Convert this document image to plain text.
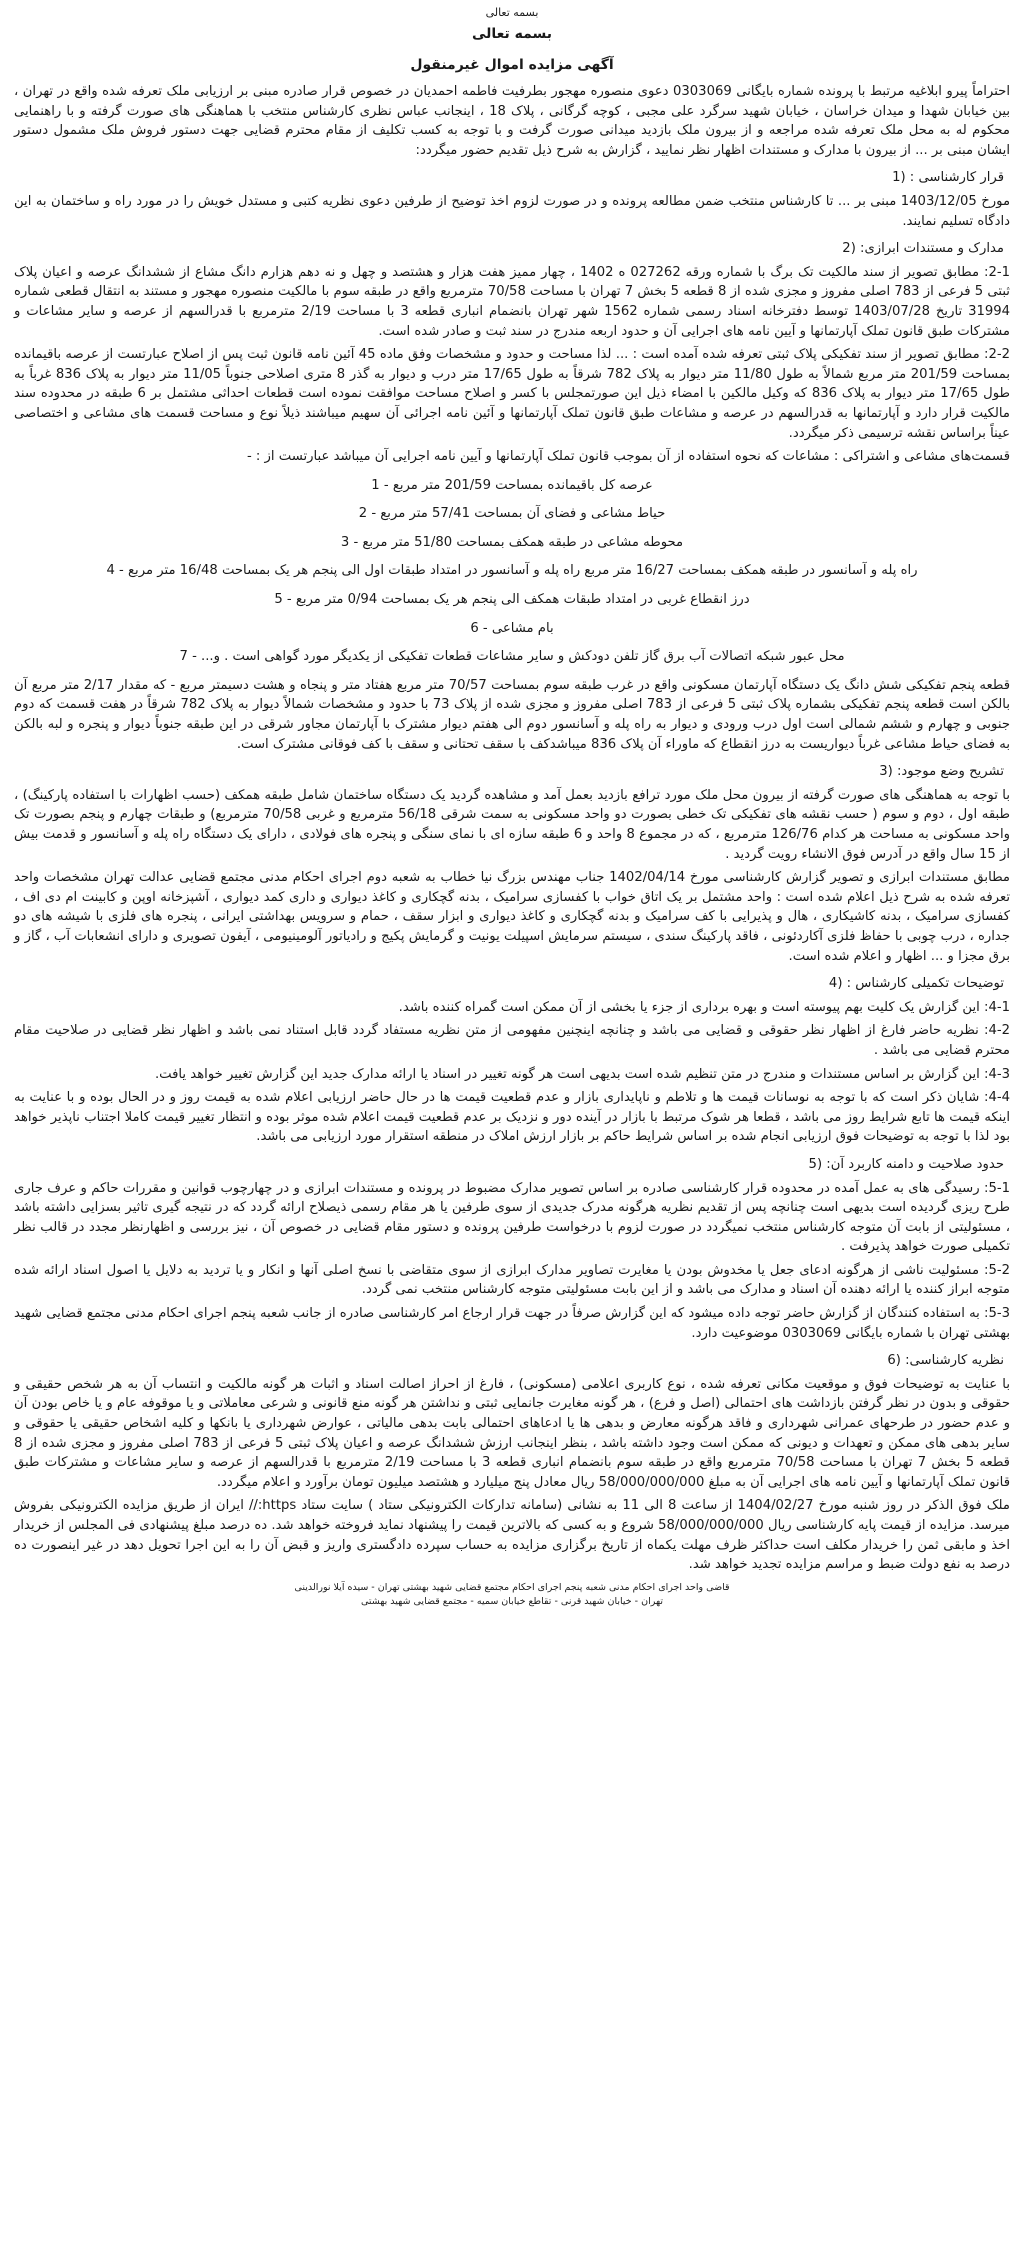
بسمه تعالی
بسمه تعالی
آگهی مزایده اموال غیرمنقول

احتراماً پیرو ابلاغیه مرتبط با پرونده شماره بایگانی 0303069 دعوی منصوره مهجور بطرفیت فاطمه احمدیان در خصوص قرار صادره مبنی بر ارزیابی ملک تعرفه شده واقع در تهران ، بین خیابان شهدا و میدان خراسان ، خیابان شهید سرگرد علی مجبی ، کوچه گرگانی ، پلاک 18 ، اینجانب عباس نظری کارشناس منتخب با هماهنگی های صورت گرفته و با راهنمایی محکوم له به محل ملک تعرفه شده مراجعه و از بیرون ملک بازدید میدانی صورت گرفت و با توجه به کسب تکلیف از مقام محترم قضایی جهت دستور فروش ملک مشمول دستور ایشان مبنی بر ... از بیرون با مدارک و مستندات اظهار نظر نمایید ، گزارش به شرح ذیل تقدیم حضور میگردد:

قرار کارشناسی : (1

مورخ 1403/12/05 مبنی بر ... تا کارشناس منتخب ضمن مطالعه پرونده و در صورت لزوم اخذ توضیح از طرفین دعوی نظریه کتبی و مستدل خویش را در مورد راه و ساختمان به این دادگاه تسلیم نمایند.

مدارک و مستندات ابرازی: (2

2-1: مطابق تصویر از سند مالکیت تک برگ با شماره ورقه 027262 ه 1402 ، چهار ممیز هفت هزار و هشتصد و چهل و نه دهم هزارم دانگ مشاع از ششدانگ عرصه و اعیان پلاک ثبتی 5 فرعی از 783 اصلی مفروز و مجزی شده از 8 قطعه 5 بخش 7 تهران با مساحت 70/58 مترمربع واقع در طبقه سوم با مالکیت منصوره مهجور و مستند به انتقال قطعی شماره 31994 تاریخ 1403/07/28 توسط دفترخانه اسناد رسمی شماره 1562 شهر تهران بانضمام انباری قطعه 3 با مساحت 2/19 مترمربع با قدرالسهم از عرصه و سایر مشاعات و مشترکات طبق قانون تملک آپارتمانها و آیین نامه های اجرایی آن و حدود اربعه مندرج در سند ثبت و صادر شده است.

2-2: مطابق تصویر از سند تفکیکی پلاک ثبتی تعرفه شده آمده است : ... لذا مساحت و حدود و مشخصات وفق ماده 45 آئین نامه قانون ثبت پس از اصلاح عبارتست از عرصه باقیمانده بمساحت 201/59 متر مربع شمالاً به طول 11/80 متر دیوار به پلاک 782 شرقاً به طول 17/65 متر درب و دیوار به گذر 8 متری اصلاحی جنوباً 11/05 متر دیوار به پلاک 836 غرباً به طول 17/65 متر دیوار به پلاک 836 که وکیل مالکین با امضاء ذیل این صورتمجلس با کسر و اصلاح مساحت موافقت نموده است قطعات احداثی مشتمل بر 6 طبقه در محدوده سند مالکیت قرار دارد و آپارتمانها به قدرالسهم در عرصه و مشاعات طبق قانون تملک آپارتمانها و آئین نامه اجرائی آن سهیم میباشند ذیلاً نوع و مساحت قسمت های مشاعی و اختصاصی عیناً براساس نقشه ترسیمی ذکر میگردد.

قسمت‌های مشاعی و اشتراکی : مشاعات که نحوه استفاده از آن بموجب قانون تملک آپارتمانها و آیین نامه اجرایی آن میباشد عبارتست از : -

عرصه کل باقیمانده بمساحت 201/59 متر مربع - 1
حیاط مشاعی و فضای آن بمساحت 57/41 متر مربع - 2
محوطه مشاعی در طبقه همکف بمساحت 51/80 متر مربع - 3
راه پله و آسانسور در طبقه همکف بمساحت 16/27 متر مربع راه پله و آسانسور در امتداد طبقات اول الی پنجم هر یک بمساحت 16/48 متر مربع - 4
درز انقطاع غربی در امتداد طبقات همکف الی پنجم هر یک بمساحت 0/94 متر مربع - 5
بام مشاعی - 6
محل عبور شبکه اتصالات آب برق گاز تلفن دودکش و سایر مشاعات قطعات تفکیکی از یکدیگر مورد گواهی است . و... - 7

قطعه پنجم تفکیکی شش دانگ یک دستگاه آپارتمان مسکونی واقع در غرب طبقه سوم بمساحت 70/57 متر مربع هفتاد متر و پنجاه و هشت دسیمتر مربع - که مقدار 2/17 متر مربع آن بالکن است قطعه پنجم تفکیکی بشماره پلاک ثبتی 5 فرعی از 783 اصلی مفروز و مجزی شده از پلاک 73 با حدود و مشخصات شمالاً دیوار به پلاک 782 شرقاً در هفت قسمت که دوم جنوبی و چهارم و ششم شمالی است اول درب ورودی و دیوار به راه پله و آسانسور دوم الی هفتم دیوار مشترک با آپارتمان مجاور شرقی در این طبقه جنوباً دیوار و پنجره و لبه بالکن به فضای حیاط مشاعی غرباً دیواریست به درز انقطاع که ماوراء آن پلاک 836 میباشدکف با سقف تحتانی و سقف با کف فوقانی مشترک است.

تشریح وضع موجود: (3

با توجه به هماهنگی های صورت گرفته از بیرون محل ملک مورد ترافع بازدید بعمل آمد و مشاهده گردید یک دستگاه ساختمان شامل طبقه همکف (حسب اظهارات با استفاده پارکینگ) ، طبقه اول ، دوم و سوم ( حسب نقشه های تفکیکی تک خطی بصورت دو واحد مسکونی به سمت شرقی 56/18 مترمربع و غربی 70/58 مترمربع) و طبقات چهارم و پنجم بصورت تک واحد مسکونی به مساحت هر کدام 126/76 مترمربع ، که در مجموع 8 واحد و 6 طبقه سازه ای با نمای سنگی و پنجره های فولادی ، دارای یک دستگاه راه پله و آسانسور و قدمت بیش از 15 سال واقع در آدرس فوق الانشاء رویت گردید .

مطابق مستندات ابرازی و تصویر گزارش کارشناسی مورخ 1402/04/14 جناب مهندس بزرگ نیا خطاب به شعبه دوم اجرای احکام مدنی مجتمع قضایی عدالت تهران مشخصات واحد تعرفه شده به شرح ذیل اعلام شده است : واحد مشتمل بر یک اتاق خواب با کفسازی سرامیک ، بدنه گچکاری و کاغذ دیواری و داری کمد دیواری ، آشپزخانه اوپن و کابینت ام دی اف ، کفسازی سرامیک ، بدنه کاشیکاری ، هال و پذیرایی با کف سرامیک و بدنه گچکاری و کاغذ دیواری و ابزار سقف ، حمام و سرویس بهداشتی ایرانی ، پنجره های فلزی با شیشه های دو جداره ، درب چوبی با حفاظ فلزی آکاردئونی ، فاقد پارکینگ سندی ، سیستم سرمایش اسپیلت یونیت و گرمایش پکیج و رادیاتور آلومینیومی ، آیفون تصویری و دارای انشعابات آب ، گاز و برق مجزا و ... اظهار و اعلام شده است.

توضیحات تکمیلی کارشناس : (4

4-1: این گزارش یک کلیت بهم پیوسته است و بهره برداری از جزء یا بخشی از آن ممکن است گمراه کننده باشد.

4-2: نظریه حاضر فارغ از اظهار نظر حقوقی و قضایی می باشد و چنانچه اینچنین مفهومی از متن نظریه مستفاد گردد قابل استناد نمی باشد و اظهار نظر قضایی در صلاحیت مقام محترم قضایی می باشد .

4-3: این گزارش بر اساس مستندات و مندرج در متن تنظیم شده است بدیهی است هر گونه تغییر در اسناد یا ارائه مدارک جدید این گزارش تغییر خواهد یافت.

4-4: شایان ذکر است که با توجه به نوسانات قیمت ها و تلاطم و ناپایداری بازار و عدم قطعیت قیمت ها در حال حاضر ارزیابی اعلام شده به قیمت روز و در الحال بوده و با عنایت به اینکه قیمت ها تابع شرایط روز می باشد ، قطعا هر شوک مرتبط با بازار در آینده دور و نزدیک بر عدم قطعیت قیمت اعلام شده موثر بوده و انتظار تغییر قیمت کاملا اجتناب ناپذیر خواهد بود لذا با توجه به توضیحات فوق ارزیابی انجام شده بر اساس شرایط حاکم بر بازار ارزش املاک در منطقه استقرار مورد ارزیابی می باشد.

حدود صلاحیت و دامنه کاربرد آن: (5

5-1: رسیدگی های به عمل آمده در محدوده قرار کارشناسی صادره بر اساس تصویر مدارک مضبوط در پرونده و مستندات ابرازی و در چهارچوب قوانین و مقررات حاکم و عرف جاری طرح ریزی گردیده است بدیهی است چنانچه پس از تقدیم نظریه هرگونه مدرک جدیدی از سوی طرفین یا هر مقام رسمی ذیصلاح ارائه گردد که در نتیجه گیری تاثیر بسزایی داشته باشد ، مسئولیتی از بابت آن متوجه کارشناس منتخب نمیگردد در صورت لزوم با درخواست طرفین پرونده و دستور مقام قضایی در خصوص آن ، نیز بررسی و اظهارنظر مجدد در قالب نظر تکمیلی صورت خواهد پذیرفت .

5-2: مسئولیت ناشی از هرگونه ادعای جعل یا مخدوش بودن یا مغایرت تصاویر مدارک ابرازی از سوی متقاضی با نسخ اصلی آنها و انکار و یا تردید به دلایل یا اصول اسناد ارائه شده متوجه ابراز کننده یا ارائه دهنده آن اسناد و مدارک می باشد و از این بابت مسئولیتی متوجه کارشناس منتخب نمی گردد.

5-3: به استفاده کنندگان از گزارش حاضر توجه داده میشود که این گزارش صرفاً در جهت قرار ارجاع امر کارشناسی صادره از جانب شعبه پنجم اجرای احکام مدنی مجتمع قضایی شهید بهشتی تهران با شماره بایگانی 0303069 موضوعیت دارد.

نظریه کارشناسی: (6

با عنایت به توضیحات فوق و موقعیت مکانی تعرفه شده ، نوع کاربری اعلامی (مسکونی) ، فارغ از احراز اصالت اسناد و اثبات هر گونه مالکیت و انتساب آن به هر شخص حقیقی و حقوقی و بدون در نظر گرفتن بازداشت های احتمالی (اصل و فرع) ، هر گونه مغایرت جانمایی ثبتی و نداشتن هر گونه منع قانونی و شرعی معاملاتی و یا موقوفه عام و یا خاص بودن آن و عدم حضور در طرحهای عمرانی شهرداری و فاقد هرگونه معارض و بدهی ها یا ادعاهای احتمالی بابت بدهی مالیاتی ، عوارض شهرداری یا بانکها و کلیه اشخاص حقیقی یا حقوقی و سایر بدهی های ممکن و تعهدات و دیونی که ممکن است وجود داشته باشد ، بنظر اینجانب ارزش ششدانگ عرصه و اعیان پلاک ثبتی 5 فرعی از 783 اصلی مفروز و مجزی شده از 8 قطعه 5 بخش 7 تهران با مساحت 70/58 مترمربع واقع در طبقه سوم بانضمام انباری قطعه 3 با مساحت 2/19 مترمربع با قدرالسهم از عرصه و سایر مشاعات و مشترکات طبق قانون تملک آپارتمانها و آیین نامه های اجرایی آن به مبلغ 58/000/000/000 ریال معادل پنج میلیارد و هشتصد میلیون تومان برآورد و اعلام میگردد.

ملک فوق الذکر در روز شنبه مورخ 1404/02/27 از ساعت 8 الی 11 به نشانی (سامانه تدارکات الکترونیکی ستاد ) سایت ستاد https:// ایران از طریق مزایده الکترونیکی بفروش میرسد. مزایده از قیمت پایه کارشناسی ریال 58/000/000/000 شروع و به کسی که بالاترین قیمت را پیشنهاد نماید فروخته خواهد شد. ده درصد مبلغ پیشنهادی فی المجلس از خریدار اخذ و مابقی ثمن را خریدار مکلف است حداکثر ظرف مهلت یکماه از تاریخ برگزاری مزایده به حساب سپرده دادگستری واریز و قبض آن را به این اجرا تحویل دهد در غیر اینصورت ده درصد به نفع دولت ضبط و مراسم مزایده تجدید خواهد شد.

قاضی واحد اجرای احکام مدنی شعبه پنجم اجرای احکام مجتمع قضایی شهید بهشتی تهران - سیده آیلا نورالدینی
تهران - خیابان شهید قرنی - تقاطع خیابان سمیه - مجتمع قضایی شهید بهشتی
